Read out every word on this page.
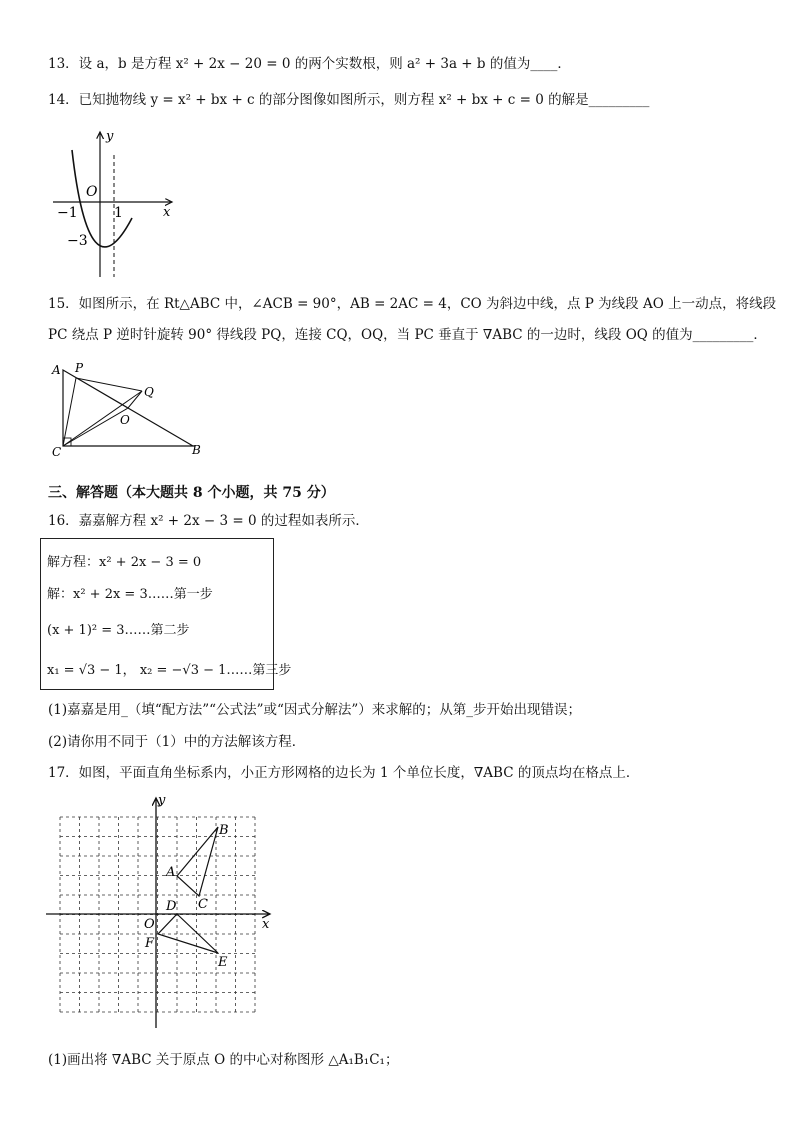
13．设 a，b 是方程 x² + 2x − 20 = 0 的两个实数根，则 a² + 3a + b 的值为____．
14．已知抛物线 y = x² + bx + c 的部分图像如图所示，则方程 x² + bx + c = 0 的解是_________
y
x
O
−1	1
−3
15．如图所示，在 Rt△ABC 中，∠ACB = 90°，AB = 2AC = 4，CO 为斜边中线，点 P 为线段 AO 上一动点，将线段
PC 绕点 P 逆时针旋转 90° 得线段 PQ，连接 CQ，OQ，当 PC 垂直于 ∇ABC 的一边时，线段 OQ 的值为_________．
A P
Q
O
C	B
三、解答题（本大题共 8 个小题，共 75 分）
16．嘉嘉解方程 x² + 2x − 3 = 0 的过程如表所示．
解方程：x² + 2x − 3 = 0
解：x² + 2x = 3……第一步
(x + 1)² = 3……第二步
x₁ = √3 − 1， x₂ = −√3 − 1……第三步
(1)嘉嘉是用_（填“配方法”“公式法”或“因式分解法”）来求解的；从第_步开始出现错误；
(2)请你用不同于（1）中的方法解该方程．
17．如图，平面直角坐标系内，小正方形网格的边长为 1 个单位长度，∇ABC 的顶点均在格点上．
y
x
O
A
B
C
D
E
F
(1)画出将 ∇ABC 关于原点 O 的中心对称图形 △A₁B₁C₁；
